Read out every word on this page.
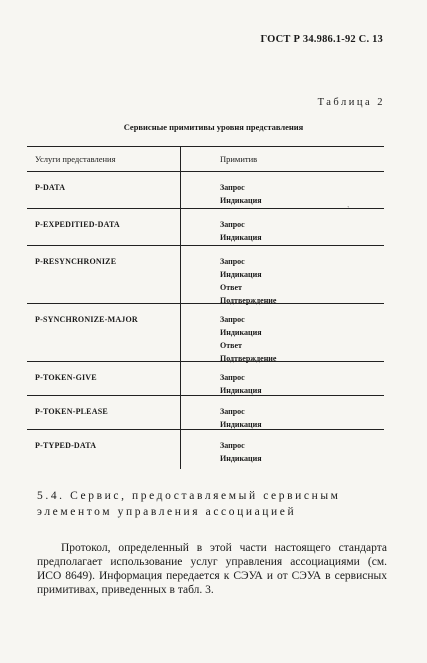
ГОСТ Р 34.986.1-92 С. 13
Таблица 2
Сервисные примитивы уровня представления
Услуги представления	Примитив
P-DATA	Запрос
Индикация
P-EXPEDITIED-DATA	Запрос
Индикация
P-RESYNCHRONIZE	Запрос
Индикация
Ответ
Подтверждение
P-SYNCHRONIZE-MAJOR	Запрос
Индикация
Ответ
Подтверждение
P-TOKEN-GIVE	Запрос
Индикация
P-TOKEN-PLEASE	Запрос
Индикация
P-TYPED-DATA	Запрос
Индикация
ˋ
5.4. Сервис, предоставляемый сервисным элементом управления ассоциацией
Протокол, определенный в этой части настоящего стандарта предполагает использование услуг управления ассоциациями (см. ИСО 8649). Информация передается к СЭУА и от СЭУА в сервисных примитивах, приведенных в табл. 3.
